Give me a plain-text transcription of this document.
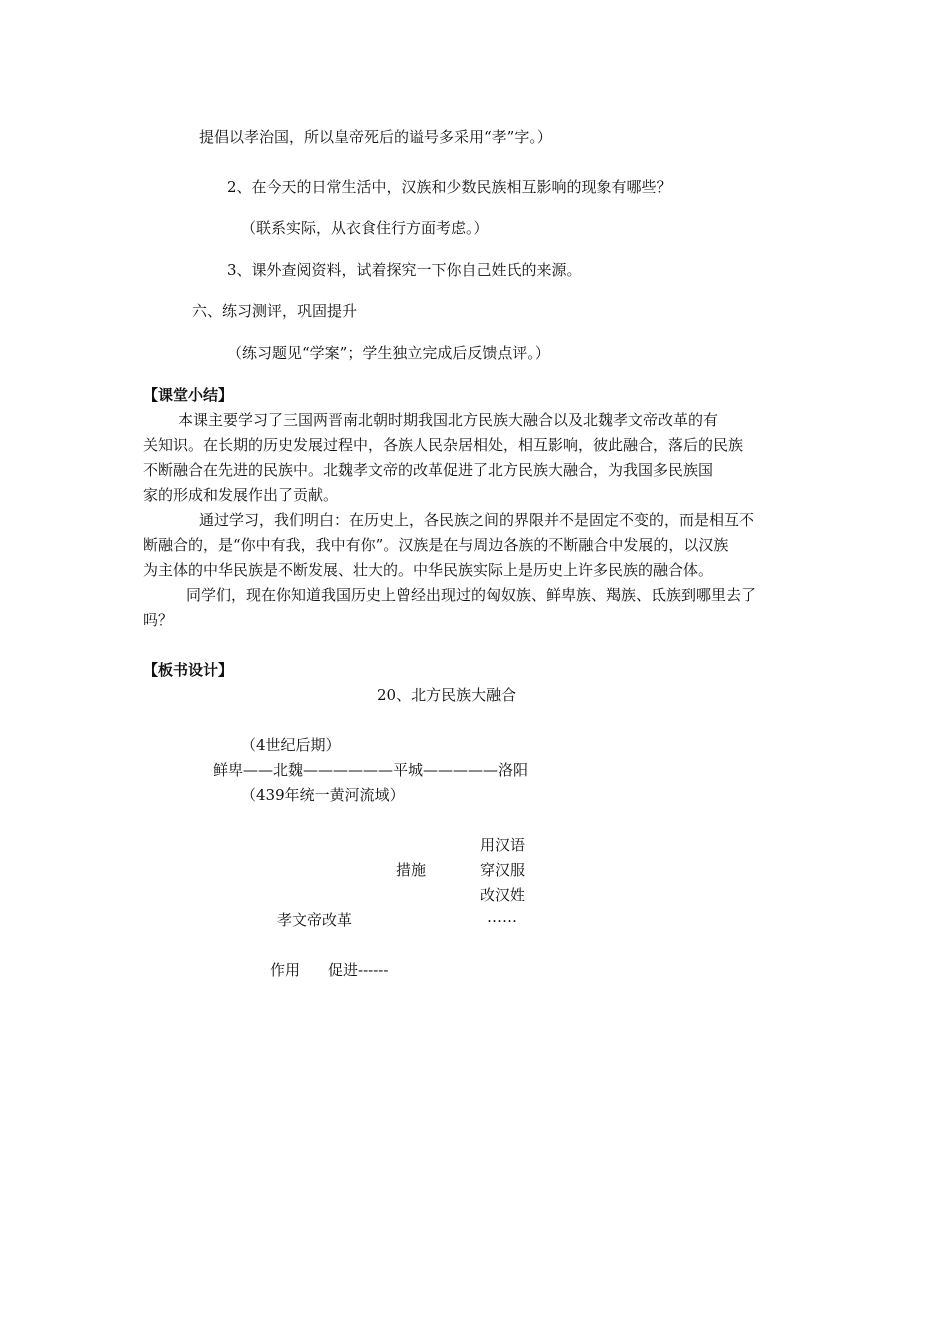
提倡以孝治国，所以皇帝死后的谥号多采用“孝”字。）
2、在今天的日常生活中，汉族和少数民族相互影响的现象有哪些？
（联系实际，从衣食住行方面考虑。）
3、课外查阅资料，试着探究一下你自己姓氏的来源。
六、练习测评，巩固提升
（练习题见“学案”；学生独立完成后反馈点评。）
【课堂小结】
本课主要学习了三国两晋南北朝时期我国北方民族大融合以及北魏孝文帝改革的有
关知识。在长期的历史发展过程中，各族人民杂居相处，相互影响，彼此融合，落后的民族
不断融合在先进的民族中。北魏孝文帝的改革促进了北方民族大融合，为我国多民族国
家的形成和发展作出了贡献。
通过学习，我们明白：在历史上，各民族之间的界限并不是固定不变的，而是相互不
断融合的，是“你中有我，我中有你”。汉族是在与周边各族的不断融合中发展的，以汉族
为主体的中华民族是不断发展、壮大的。中华民族实际上是历史上许多民族的融合体。
同学们，现在你知道我国历史上曾经出现过的匈奴族、鲜卑族、羯族、氐族到哪里去了
吗？
【板书设计】
20、北方民族大融合
（4世纪后期）
鲜卑——北魏——————平城—————洛阳
（439年统一黄河流域）
用汉语
措施	穿汉服
改汉姓
孝文帝改革	……
作用 促进------
